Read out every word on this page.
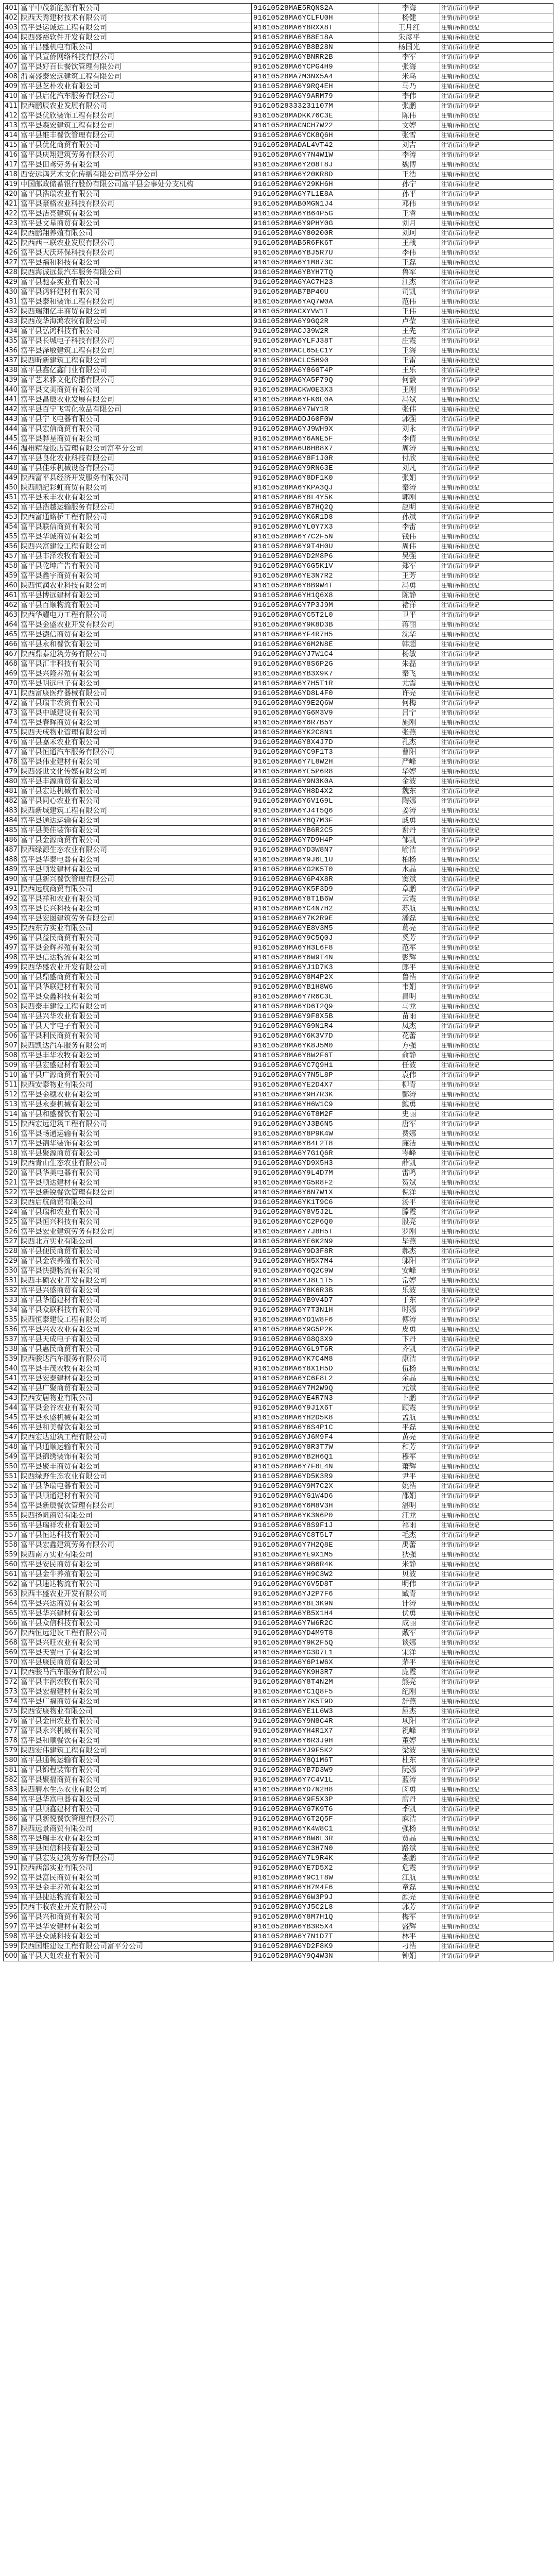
401	富平中茂新能源有限公司	91610528MAE5RQNS2A	李海	注销(吊销)登记
402	陕西天秀建材技术有限公司	91610528MA6YCLFU0H	杨健	注销(吊销)登记
403	富平县运诚达工程有限公司	91610528MA6Y8RXX8T	王月红	注销(吊销)登记
404	陕西盛裕软件开发有限公司	91610528MA6YB8E18A	朱彦平	注销(吊销)登记
405	富平昌盛机电有限公司	91610528MA6YB8B28N	杨国光	注销(吊销)登记
406	富平县宣侨网络科技有限公司	91610528MA6YBNRR2B	李军	注销(吊销)登记
407	富平县好百世餐饮管理有限公司	91610528MA6YCPG4H9	张海	注销(吊销)登记
408	渭南盛泰宏远建筑工程有限公司	91610528MA7M3NX5A4	米乌	注销(吊销)登记
409	富平县芝朴农业有限公司	91610528MA6Y9RQ4EH	马乃	注销(吊销)登记
410	富平县启化汽车服务有限公司	91610528MA6Y9ARM79	李伟	注销(吊销)登记
411	陕西鹏辰农业发展有限公司	91610528333231107M	张鹏	注销(吊销)登记
412	富平县优欣装饰工程有限公司	91610528MADKK76C3E	陈伟	注销(吊销)登记
413	富平县森宏建筑工程有限公司	91610528MACNCH7W22	文婷	注销(吊销)登记
414	富平县维丰餐饮管理有限公司	91610528MA6YCK8Q6H	张雪	注销(吊销)登记
415	富平县优化商贸有限公司	91610528MADAL4VT42	刘吉	注销(吊销)登记
416	富平县庆翔建筑劳务有限公司	91610528MA6Y7N4W1W	李涛	注销(吊销)登记
417	富平县田鸢劳务有限公司	91610528MA6Y208T8J	魏博	注销(吊销)登记
418	西安远鸿艺术文化传播有限公司富平分公司	91610528MA6Y20KR8D	王浩	注销(吊销)登记
419	中国邮政储蓄银行股份有限公司富平县会事处分支机构	91610528MA6Y29KH6H	孙宁	注销(吊销)登记
420	富平县浩瑞农业有限公司	91610528MA6Y7L1E8A	孙平	注销(吊销)登记
421	富平县豪格农业科技有限公司	91610528MAB0MGN1J4	邓伟	注销(吊销)登记
422	富平县洁亮建筑有限公司	91610528MA6YB64P5G	王睿	注销(吊销)登记
423	富平县文星商贸有限公司	91610528MA6Y9PHY0G	刘月	注销(吊销)登记
424	陕西鹏翔养殖有限公司	91610528MA6Y80200R	刘珂	注销(吊销)登记
425	陕西西三联农业发展有限公司	91610528MAB5R6FK6T	王战	注销(吊销)登记
426	富平县大沃环保科技有限公司	91610528MA6YBJ5R7U	李伟	注销(吊销)登记
427	富平县福和科技有限公司	91610528MA6Y1M873C	王磊	注销(吊销)登记
428	陕西海诚远景汽车服务有限公司	91610528MA6YBYH7TQ	鲁军	注销(吊销)登记
429	富平县驰泰实业有限公司	91610528MA6YAC7H23	江杰	注销(吊销)登记
430	富平县鸿轩建材有限公司	91610528MAB7BP40U	司凯	注销(吊销)登记
431	富平县泰和装饰工程有限公司	91610528MA6YAQ7W0A	范伟	注销(吊销)登记
432	陕西瑞翔亿丰商贸有限公司	91610528MACXYVW1T	王伟	注销(吊销)登记
433	陕西茂华海鸿农牧有限公司	91610528MA6Y9GQ2R	卢莹	注销(吊销)登记
434	富平县弘鸿科技有限公司	91610528MACJ39W2R	王先	注销(吊销)登记
435	富平县长城电子科技有限公司	91610528MA6YLFJ38T	庄霞	注销(吊销)登记
436	富平县泽敏建筑工程有限公司	91610528MACL65EC1Y	王海	注销(吊销)登记
437	陕西昕新建筑工程有限公司	91610528MACLC5H90	王雷	注销(吊销)登记
438	富平县鑫亿鑫门业有限公司	91610528MA6Y86GT4P	王乐	注销(吊销)登记
439	富平艺米雅文化传播有限公司	91610528MA6YA5F79Q	何毅	注销(吊销)登记
440	富平县文美商贸有限公司	91610528MACKW0E3X3	王刚	注销(吊销)登记
441	富平县昌辰农业发展有限公司	91610528MA6YFK0E0A	冯斌	注销(吊销)登记
442	富平县百宁飞雪化妆品有限公司	91610528MA6Y7WY1R	张伟	注销(吊销)登记
443	富平县宁飞电器有限公司	91610528MADDJ60F0W	郭强	注销(吊销)登记
444	富平县宏信商贸有限公司	91610528MA6YJ9WH9X	刘永	注销(吊销)登记
445	富平县骅星商贸有限公司	91610528MA6Y6ANE5F	李倩	注销(吊销)登记
446	温州精益饭店管理有限公司富平分公司	91610528MA6U6HB8X7	周涛	注销(吊销)登记
447	富平县良化农业科技有限公司	91610528MA6Y8F1J0R	付欣	注销(吊销)登记
448	富平县佳乐机械设备有限公司	91610528MA6Y9RN63E	刘凡	注销(吊销)登记
449	陕西富平县经济开发服务有限公司	91610528MA6Y8DF1K0	张娟	注销(吊销)登记
450	陕西顺纪彩虹商贸有限公司	91610528MA6YKPA3QJ	秦涛	注销(吊销)登记
451	富平县禾丰农业有限公司	91610528MA6Y8L4Y5K	郭刚	注销(吊销)登记
452	富平县浩越运输服务有限公司	91610528MA6YB7HQ2Q	赵明	注销(吊销)登记
453	陕西富通路桥工程有限公司	91610528MA6YK6R1D8	孙斌	注销(吊销)登记
454	富平县联信商贸有限公司	91610528MA6YL0Y7X3	李雷	注销(吊销)登记
455	富平县华诚商贸有限公司	91610528MA6Y7C2F5N	钱伟	注销(吊销)登记
456	陕西兴富建设工程有限公司	91610528MA6Y9T4H0U	周伟	注销(吊销)登记
457	富平县丰泽农牧有限公司	91610528MA6YD2M8P6	吴强	注销(吊销)登记
458	富平县乾坤广告有限公司	91610528MA6Y6G5K1V	郑军	注销(吊销)登记
459	富平县鑫宇商贸有限公司	91610528MA6YE3N7R2	王芳	注销(吊销)登记
460	陕西恒润农业科技有限公司	91610528MA6Y8B9W4T	冯勇	注销(吊销)登记
461	富平县博远建材有限公司	91610528MA6YH1Q6X8	陈静	注销(吊销)登记
462	富平县百顺物流有限公司	91610528MA6Y7P3J9M	褚洋	注销(吊销)登记
463	陕西华耀电力工程有限公司	91610528MA6YC5T2L0	卫平	注销(吊销)登记
464	富平县金盛农业开发有限公司	91610528MA6Y9K8D3B	蒋丽	注销(吊销)登记
465	富平县德信商贸有限公司	91610528MA6YF4R7H5	沈华	注销(吊销)登记
466	富平县永和餐饮有限公司	91610528MA6Y6M2N8E	韩超	注销(吊销)登记
467	陕西鼎泰建筑劳务有限公司	91610528MA6YJ7W1C4	杨敏	注销(吊销)登记
468	富平县汇丰科技有限公司	91610528MA6Y8S6P2G	朱磊	注销(吊销)登记
469	富平县兴隆养殖有限公司	91610528MA6YB3X9K7	秦飞	注销(吊销)登记
470	富平县明远电子有限公司	91610528MA6Y7H5T1R	尤霞	注销(吊销)登记
471	陕西富康医疗器械有限公司	91610528MA6YD8L4F0	许亮	注销(吊销)登记
472	富平县瑞丰农资有限公司	91610528MA6Y9E2Q6W	何梅	注销(吊销)登记
473	富平县中诚建设有限公司	91610528MA6YG6M3V9	吕宁	注销(吊销)登记
474	富平县春晖商贸有限公司	91610528MA6Y6R7B5Y	施刚	注销(吊销)登记
475	陕西天成物业管理有限公司	91610528MA6YK2C8N1	张燕	注销(吊销)登记
476	富平县嘉禾农业有限公司	91610528MA6Y8X4J7D	孔杰	注销(吊销)登记
477	富平县恒通汽车服务有限公司	91610528MA6YC9F1T3	曹阳	注销(吊销)登记
478	富平县伟业建材有限公司	91610528MA6Y7L8W2H	严峰	注销(吊销)登记
479	陕西盛世文化传媒有限公司	91610528MA6YE5P6R8	华婷	注销(吊销)登记
480	富平县丰源商贸有限公司	91610528MA6Y9N3K0A	金波	注销(吊销)登记
481	富平县宏达机械有限公司	91610528MA6YH8D4X2	魏东	注销(吊销)登记
482	富平县同心农业有限公司	91610528MA6Y6V1G9L	陶娜	注销(吊销)登记
483	陕西新城建筑工程有限公司	91610528MA6YJ4T5Q6	姜涛	注销(吊销)登记
484	富平县通达运输有限公司	91610528MA6Y8Q7M3F	戚勇	注销(吊销)登记
485	富平县美佳装饰有限公司	91610528MA6YB6R2C5	谢丹	注销(吊销)登记
486	富平县金源商贸有限公司	91610528MA6Y7D9H4P	邹凯	注销(吊销)登记
487	陕西绿源生态农业有限公司	91610528MA6YD3W8N7	喻洁	注销(吊销)登记
488	富平县华泰电器有限公司	91610528MA6Y9J6L1U	柏杨	注销(吊销)登记
489	富平县顺发建材有限公司	91610528MA6YG2K5T0	水晶	注销(吊销)登记
490	富平县新兴餐饮管理有限公司	91610528MA6Y6P4X8R	窦斌	注销(吊销)登记
491	陕西远航商贸有限公司	91610528MA6YK5F3D9	章鹏	注销(吊销)登记
492	富平县祥和农业有限公司	91610528MA6Y8T1B6W	云霞	注销(吊销)登记
493	富平县长兴科技有限公司	91610528MA6YC4N7H2	苏航	注销(吊销)登记
494	富平县宏图建筑劳务有限公司	91610528MA6Y7K2R9E	潘磊	注销(吊销)登记
495	陕西东方实业有限公司	91610528MA6YE8V3M5	葛亮	注销(吊销)登记
496	富平县益民商贸有限公司	91610528MA6Y9C5Q0J	奚芳	注销(吊销)登记
497	富平县金辉养殖有限公司	91610528MA6YH3L6F8	范军	注销(吊销)登记
498	富平县信达物流有限公司	91610528MA6Y6W9T4N	彭辉	注销(吊销)登记
499	陕西华盛农业开发有限公司	91610528MA6YJ1D7K3	郎平	注销(吊销)登记
500	富平县鼎盛商贸有限公司	91610528MA6Y8M4P2X	鲁浩	注销(吊销)登记
501	富平县华联建材有限公司	91610528MA6YB1H8W6	韦娟	注销(吊销)登记
502	富平县众鑫科技有限公司	91610528MA6Y7R6C3L	昌明	注销(吊销)登记
503	陕西泰丰建设工程有限公司	91610528MA6YD6T2Q9	马龙	注销(吊销)登记
504	富平县兴华农业有限公司	91610528MA6Y9F8X5B	苗雨	注销(吊销)登记
505	富平县天宇电子有限公司	91610528MA6YG9N1R4	凤杰	注销(吊销)登记
506	富平县利民商贸有限公司	91610528MA6Y6K3V7D	花蕾	注销(吊销)登记
507	陕西凯达汽车服务有限公司	91610528MA6YK8J5M0	方强	注销(吊销)登记
508	富平县丰华农牧有限公司	91610528MA6Y8W2F6T	俞静	注销(吊销)登记
509	富平县宏盛建材有限公司	91610528MA6YC7Q9H1	任波	注销(吊销)登记
510	富平县广源商贸有限公司	91610528MA6Y7N5L8P	袁伟	注销(吊销)登记
511	陕西安泰物业有限公司	91610528MA6YE2D4X7	柳青	注销(吊销)登记
512	富平县金穗农业有限公司	91610528MA6Y9H7R3K	酆涛	注销(吊销)登记
513	富平县永泰机械有限公司	91610528MA6YH6W1C9	鲍勇	注销(吊销)登记
514	富平县和盛餐饮有限公司	91610528MA6Y6T8M2F	史丽	注销(吊销)登记
515	陕西宏远建筑工程有限公司	91610528MA6YJ3B6N5	唐军	注销(吊销)登记
516	富平县畅通运输有限公司	91610528MA6Y8P9K4W	费娜	注销(吊销)登记
517	富平县锦华装饰有限公司	91610528MA6YB4L2T8	廉洁	注销(吊销)登记
518	富平县聚源商贸有限公司	91610528MA6Y7G1Q6R	岑峰	注销(吊销)登记
519	陕西青山生态农业有限公司	91610528MA6YD9X5H3	薛凯	注销(吊销)登记
520	富平县华美电器有限公司	91610528MA6Y9L4D7M	雷鸣	注销(吊销)登记
521	富平县顺达建材有限公司	91610528MA6YG5R8F2	贺斌	注销(吊销)登记
522	富平县新锐餐饮管理有限公司	91610528MA6Y6N7W1X	倪洋	注销(吊销)登记
523	陕西启航商贸有限公司	91610528MA6YK1T9C6	汤平	注销(吊销)登记
524	富平县瑞和农业有限公司	91610528MA6Y8V5J2L	滕霞	注销(吊销)登记
525	富平县恒兴科技有限公司	91610528MA6YC2P6Q0	殷亮	注销(吊销)登记
526	富平县宏业建筑劳务有限公司	91610528MA6Y7J8H5T	罗刚	注销(吊销)登记
527	陕西北方实业有限公司	91610528MA6YE6K2N9	毕燕	注销(吊销)登记
528	富平县便民商贸有限公司	91610528MA6Y9D3F8R	郝杰	注销(吊销)登记
529	富平县金农养殖有限公司	91610528MA6YH5X7M4	邬阳	注销(吊销)登记
530	富平县快捷物流有限公司	91610528MA6Y6Q2C9W	安峰	注销(吊销)登记
531	陕西丰硕农业开发有限公司	91610528MA6YJ8L1T5	常婷	注销(吊销)登记
532	富平县兴盛商贸有限公司	91610528MA6Y8K6R3B	乐波	注销(吊销)登记
533	富平县华通建材有限公司	91610528MA6YB9V4D7	于东	注销(吊销)登记
534	富平县众联科技有限公司	91610528MA6Y7T3N1H	时娜	注销(吊销)登记
535	陕西恒泰建设工程有限公司	91610528MA6YD1W8F6	傅涛	注销(吊销)登记
536	富平县兴农农业有限公司	91610528MA6Y9G5P2K	皮勇	注销(吊销)登记
537	富平县天成电子有限公司	91610528MA6YG8Q3X9	卞丹	注销(吊销)登记
538	富平县惠民商贸有限公司	91610528MA6Y6L9T6R	齐凯	注销(吊销)登记
539	陕西骏达汽车服务有限公司	91610528MA6YK7C4M8	康洁	注销(吊销)登记
540	富平县丰茂农牧有限公司	91610528MA6Y8X1H5D	伍杨	注销(吊销)登记
541	富平县宏泰建材有限公司	91610528MA6YC6F8L2	余晶	注销(吊销)登记
542	富平县广聚商贸有限公司	91610528MA6Y7M2W9Q	元斌	注销(吊销)登记
543	陕西安居物业有限公司	91610528MA6YE4R7N3	卜鹏	注销(吊销)登记
544	富平县金谷农业有限公司	91610528MA6Y9J1X6T	顾霞	注销(吊销)登记
545	富平县永盛机械有限公司	91610528MA6YH2D5K8	孟航	注销(吊销)登记
546	富平县和美餐饮有限公司	91610528MA6Y6S4P1C	平磊	注销(吊销)登记
547	陕西宏达建筑工程有限公司	91610528MA6YJ6M9F4	黄亮	注销(吊销)登记
548	富平县通顺运输有限公司	91610528MA6Y8R3T7W	和芳	注销(吊销)登记
549	富平县锦绣装饰有限公司	91610528MA6YB2H6Q1	穆军	注销(吊销)登记
550	富平县聚丰商贸有限公司	91610528MA6Y7F8L4N	萧辉	注销(吊销)登记
551	陕西绿野生态农业有限公司	91610528MA6YD5K3R9	尹平	注销(吊销)登记
552	富平县华瑞电器有限公司	91610528MA6Y9M7C2X	姚浩	注销(吊销)登记
553	富平县顺通建材有限公司	91610528MA6YG1W4D6	邵娟	注销(吊销)登记
554	富平县新辰餐饮管理有限公司	91610528MA6Y6M8V3H	湛明	注销(吊销)登记
555	陕西扬帆商贸有限公司	91610528MA6YK3N6P0	汪龙	注销(吊销)登记
556	富平县瑞祥农业有限公司	91610528MA6Y8S9F1J	祁雨	注销(吊销)登记
557	富平县恒达科技有限公司	91610528MA6YC8T5L7	毛杰	注销(吊销)登记
558	富平县宏鑫建筑劳务有限公司	91610528MA6Y7H2Q8E	禹蕾	注销(吊销)登记
559	陕西南方实业有限公司	91610528MA6YE9X1M5	狄强	注销(吊销)登记
560	富平县安民商贸有限公司	91610528MA6Y9B6R4K	米静	注销(吊销)登记
561	富平县金牛养殖有限公司	91610528MA6YH9C3W2	贝波	注销(吊销)登记
562	富平县速达物流有限公司	91610528MA6Y6V5D8T	明伟	注销(吊销)登记
563	陕西丰盛农业开发有限公司	91610528MA6YJ2P7F6	臧青	注销(吊销)登记
564	富平县兴达商贸有限公司	91610528MA6Y8L3K9N	计涛	注销(吊销)登记
565	富平县华兴建材有限公司	91610528MA6YB5X1H4	伏勇	注销(吊销)登记
566	富平县众信科技有限公司	91610528MA6Y7W6R2C	成丽	注销(吊销)登记
567	陕西恒远建设工程有限公司	91610528MA6YD4M9T8	戴军	注销(吊销)登记
568	富平县兴旺农业有限公司	91610528MA6Y9K2F5Q	谈娜	注销(吊销)登记
569	富平县天翼电子有限公司	91610528MA6YG3D7L1	宋洋	注销(吊销)登记
570	富平县康民商贸有限公司	91610528MA6Y6P1W6X	茅平	注销(吊销)登记
571	陕西骏马汽车服务有限公司	91610528MA6YK9H3R7	庞霞	注销(吊销)登记
572	富平县丰润农牧有限公司	91610528MA6Y8T4N2M	熊亮	注销(吊销)登记
573	富平县宏福建材有限公司	91610528MA6YC1Q8F5	纪刚	注销(吊销)登记
574	富平县广福商贸有限公司	91610528MA6Y7K5T9D	舒燕	注销(吊销)登记
575	陕西安康物业有限公司	91610528MA6YE1L6W3	屈杰	注销(吊销)登记
576	富平县金田农业有限公司	91610528MA6Y9N8C4R	项阳	注销(吊销)登记
577	富平县永兴机械有限公司	91610528MA6YH4R1X7	祝峰	注销(吊销)登记
578	富平县和顺餐饮有限公司	91610528MA6Y6R3J9H	董婷	注销(吊销)登记
579	陕西宏伟建筑工程有限公司	91610528MA6YJ9F5K2	梁波	注销(吊销)登记
580	富平县通畅运输有限公司	91610528MA6Y8Q1M6T	杜东	注销(吊销)登记
581	富平县锦程装饰有限公司	91610528MA6YB7D3W9	阮娜	注销(吊销)登记
582	富平县聚福商贸有限公司	91610528MA6Y7C4V1L	蓝涛	注销(吊销)登记
583	陕西碧水生态农业有限公司	91610528MA6YD7N2H8	闵勇	注销(吊销)登记
584	富平县华富电器有限公司	91610528MA6Y9F5X3P	席丹	注销(吊销)登记
585	富平县顺鑫建材有限公司	91610528MA6YG7K9T6	季凯	注销(吊销)登记
586	富平县新悦餐饮管理有限公司	91610528MA6Y6T2Q5F	麻洁	注销(吊销)登记
587	陕西远景商贸有限公司	91610528MA6YK4W8C1	强杨	注销(吊销)登记
588	富平县瑞丰农业有限公司	91610528MA6Y8W6L3R	贾晶	注销(吊销)登记
589	富平县恒信科技有限公司	91610528MA6YC3H7N0	路斌	注销(吊销)登记
590	富平县宏发建筑劳务有限公司	91610528MA6Y7L9R4K	娄鹏	注销(吊销)登记
591	陕西西部实业有限公司	91610528MA6YE7D5X2	危霞	注销(吊销)登记
592	富平县富民商贸有限公司	91610528MA6Y9C1T8W	江航	注销(吊销)登记
593	富平县金丰养殖有限公司	91610528MA6YH7M4F6	童磊	注销(吊销)登记
594	富平县捷达物流有限公司	91610528MA6Y6W3P9J	颜亮	注销(吊销)登记
595	陕西丰收农业开发有限公司	91610528MA6YJ5C2L8	郭芳	注销(吊销)登记
596	富平县兴和商贸有限公司	91610528MA6Y8M7H1Q	梅军	注销(吊销)登记
597	富平县华安建材有限公司	91610528MA6YB3R5X4	盛辉	注销(吊销)登记
598	富平县众诚科技有限公司	91610528MA6Y7N1D7T	林平	注销(吊销)登记
599	陕西国维建设工程有限公司富平分公司	91610528MA6YD2F8K9	刁浩	注销(吊销)登记
600	富平县天虹农业有限公司	91610528MA6Y9Q4W3N	钟娟	注销(吊销)登记
